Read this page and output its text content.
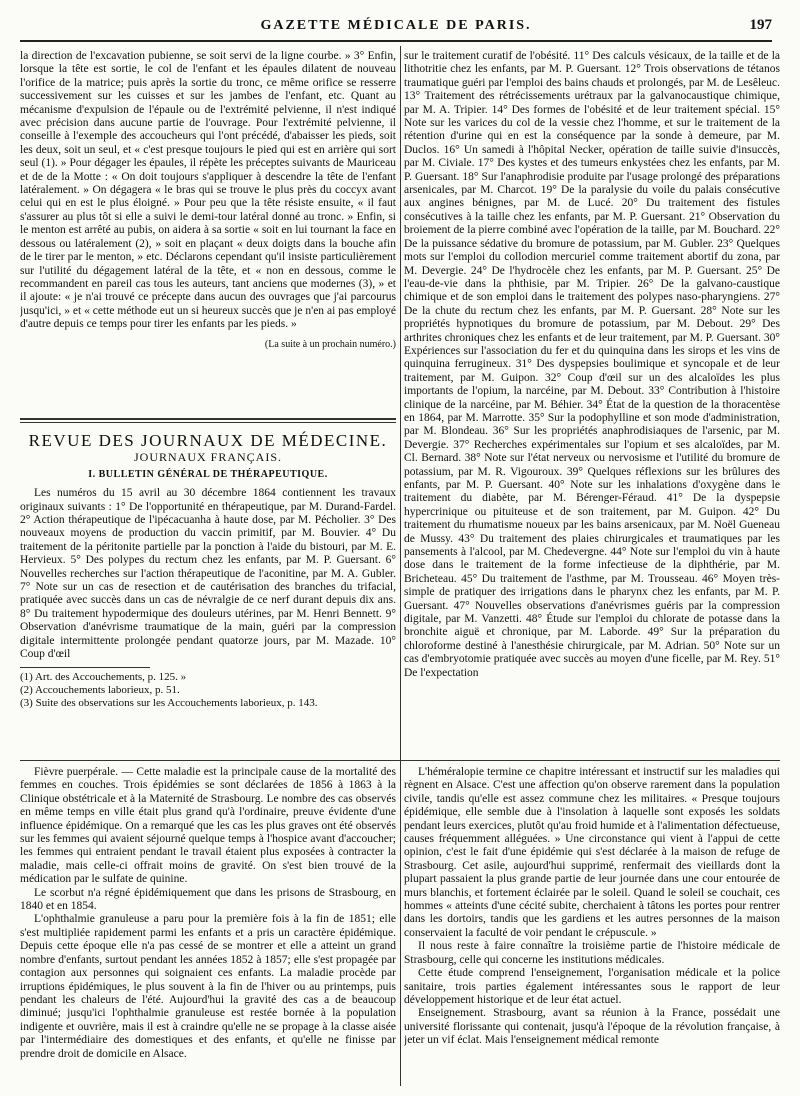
GAZETTE MÉDICALE DE PARIS.	197

la direction de l'excavation pubienne, se soit servi de la ligne courbe. » 3° Enfin, lorsque la tête est sortie, le col de l'enfant et les épaules dilatent de nouveau l'orifice de la matrice; puis après la sortie du tronc, ce même orifice se resserre successivement sur les cuisses et sur les jambes de l'enfant, etc. Quant au mécanisme d'expulsion de l'épaule ou de l'extrémité pelvienne, il n'est indiqué avec précision dans aucune partie de l'ouvrage. Pour l'extrémité pelvienne, il conseille à l'exemple des accoucheurs qui l'ont précédé, d'abaisser les pieds, soit les deux, soit un seul, et « c'est presque toujours le pied qui est en arrière qui sort seul (1). » Pour dégager les épaules, il répète les préceptes suivants de Mauriceau et de de la Motte : « On doit toujours s'appliquer à descendre la tête de l'enfant latéralement. » On dégagera « le bras qui se trouve le plus près du coccyx avant celui qui en est le plus éloigné. » Pour peu que la tête résiste ensuite, « il faut s'assurer au plus tôt si elle a suivi le demi-tour latéral donné au tronc. » Enfin, si le menton est arrêté au pubis, on aidera à sa sortie « soit en lui tournant la face en dessous ou latéralement (2), » soit en plaçant « deux doigts dans la bouche afin de le tirer par le menton, » etc. Déclarons cependant qu'il insiste particulièrement sur l'utilité du dégagement latéral de la tête, et « non en dessous, comme le recommandent en pareil cas tous les auteurs, tant anciens que modernes (3), » et il ajoute: « je n'ai trouvé ce précepte dans aucun des ouvrages que j'ai parcourus jusqu'ici, » et « cette méthode eut un si heureux succès que je n'en ai pas employé d'autre depuis ce temps pour tirer les enfants par les pieds. »

(La suite à un prochain numéro.)
REVUE DES JOURNAUX DE MÉDECINE.
JOURNAUX FRANÇAIS.
I. BULLETIN GÉNÉRAL DE THÉRAPEUTIQUE.

Les numéros du 15 avril au 30 décembre 1864 contiennent les travaux originaux suivants : 1° De l'opportunité en thérapeutique, par M. Durand-Fardel. 2° Action thérapeutique de l'ipécacuanha à haute dose, par M. Pécholier. 3° Des nouveaux moyens de production du vaccin primitif, par M. Bouvier. 4° Du traitement de la péritonite partielle par la ponction à l'aide du bistouri, par M. E. Hervieux. 5° Des polypes du rectum chez les enfants, par M. P. Guersant. 6° Nouvelles recherches sur l'action thérapeutique de l'aconitine, par M. A. Gubler. 7° Note sur un cas de resection et de cautérisation des branches du trifacial, pratiquée avec succès dans un cas de névralgie de ce nerf durant depuis dix ans. 8° Du traitement hypodermique des douleurs utérines, par M. Henri Bennett. 9° Observation d'anévrisme traumatique de la main, guéri par la compression digitale intermittente prolongée pendant quatorze jours, par M. Mazade. 10° Coup d'œil

(1) Art. des Accouchements, p. 125. »
(2) Accouchements laborieux, p. 51.
(3) Suite des observations sur les Accouchements laborieux, p. 143.

sur le traitement curatif de l'obésité. 11° Des calculs vésicaux, de la taille et de la lithotritie chez les enfants, par M. P. Guersant. 12° Trois observations de tétanos traumatique guéri par l'emploi des bains chauds et prolongés, par M. de Lesêleuc. 13° Traitement des rétrécissements urétraux par la galvanocaustique chimique, par M. A. Tripier. 14° Des formes de l'obésité et de leur traitement spécial. 15° Note sur les varices du col de la vessie chez l'homme, et sur le traitement de la rétention d'urine qui en est la conséquence par la sonde à demeure, par M. Duclos. 16° Un samedi à l'hôpital Necker, opération de taille suivie d'insuccès, par M. Civiale. 17° Des kystes et des tumeurs enkystées chez les enfants, par M. P. Guersant. 18° Sur l'anaphrodisie produite par l'usage prolongé des préparations arsenicales, par M. Charcot. 19° De la paralysie du voile du palais consécutive aux angines bénignes, par M. de Lucé. 20° Du traitement des fistules consécutives à la taille chez les enfants, par M. P. Guersant. 21° Observation du broiement de la pierre combiné avec l'opération de la taille, par M. Bouchard. 22° De la puissance sédative du bromure de potassium, par M. Gubler. 23° Quelques mots sur l'emploi du collodion mercuriel comme traitement abortif du zona, par M. Devergie. 24° De l'hydrocèle chez les enfants, par M. P. Guersant. 25° De l'eau-de-vie dans la phthisie, par M. Tripier. 26° De la galvano-caustique chimique et de son emploi dans le traitement des polypes naso-pharyngiens. 27° De la chute du rectum chez les enfants, par M. P. Guersant. 28° Note sur les propriétés hypnotiques du bromure de potassium, par M. Debout. 29° Des arthrites chroniques chez les enfants et de leur traitement, par M. P. Guersant. 30° Expériences sur l'association du fer et du quinquina dans les sirops et les vins de quinquina ferrugineux. 31° Des dyspepsies boulimique et syncopale et de leur traitement, par M. Guipon. 32° Coup d'œil sur un des alcaloïdes les plus importants de l'opium, la narcéine, par M. Debout. 33° Contribution à l'histoire clinique de la narcéine, par M. Béhier. 34° État de la question de la thoracentèse en 1864, par M. Marrotte. 35° Sur la podophylline et son mode d'administration, par M. Blondeau. 36° Sur les propriétés anaphrodisiaques de l'arsenic, par M. Devergie. 37° Recherches expérimentales sur l'opium et ses alcaloïdes, par M. Cl. Bernard. 38° Note sur l'état nerveux ou nervosisme et l'utilité du bromure de potassium, par M. R. Vigouroux. 39° Quelques réflexions sur les brûlures des enfants, par M. P. Guersant. 40° Note sur les inhalations d'oxygène dans le traitement du diabète, par M. Bérenger-Féraud. 41° De la dyspepsie hypercrinique ou pituiteuse et de son traitement, par M. Guipon. 42° Du traitement du rhumatisme noueux par les bains arsenicaux, par M. Noël Gueneau de Mussy. 43° Du traitement des plaies chirurgicales et traumatiques par les pansements à l'alcool, par M. Chedevergne. 44° Note sur l'emploi du vin à haute dose dans le traitement de la forme infectieuse de la diphthérie, par M. Bricheteau. 45° Du traitement de l'asthme, par M. Trousseau. 46° Moyen très-simple de pratiquer des irrigations dans le pharynx chez les enfants, par M. P. Guersant. 47° Nouvelles observations d'anévrismes guéris par la compression digitale, par M. Vanzetti. 48° Étude sur l'emploi du chlorate de potasse dans la bronchite aiguë et chronique, par M. Laborde. 49° Sur la préparation du chloroforme destiné à l'anesthésie chirurgicale, par M. Adrian. 50° Note sur un cas d'embryotomie pratiquée avec succès au moyen d'une ficelle, par M. Rey. 51° De l'expectation

Fièvre puerpérale. — Cette maladie est la principale cause de la mortalité des femmes en couches. Trois épidémies se sont déclarées de 1856 à 1863 à la Clinique obstétricale et à la Maternité de Strasbourg. Le nombre des cas observés en même temps en ville était plus grand qu'à l'ordinaire, preuve évidente d'une influence épidémique. On a remarqué que les cas les plus graves ont été observés sur les femmes qui avaient séjourné quelque temps à l'hospice avant d'accoucher; les femmes qui entraient pendant le travail étaient plus exposées à contracter la maladie, mais celle-ci offrait moins de gravité. On s'est bien trouvé de la médication par le sulfate de quinine.

Le scorbut n'a régné épidémiquement que dans les prisons de Strasbourg, en 1840 et en 1854.

L'ophthalmie granuleuse a paru pour la première fois à la fin de 1851; elle s'est multipliée rapidement parmi les enfants et a pris un caractère épidémique. Depuis cette époque elle n'a pas cessé de se montrer et elle a atteint un grand nombre d'enfants, surtout pendant les années 1852 à 1857; elle s'est propagée par contagion aux personnes qui soignaient ces enfants. La maladie procède par irruptions épidémiques, le plus souvent à la fin de l'hiver ou au printemps, puis pendant les chaleurs de l'été. Aujourd'hui la gravité des cas a de beaucoup diminué; jusqu'ici l'ophthalmie granuleuse est restée bornée à la population indigente et ouvrière, mais il est à craindre qu'elle ne se propage à la classe aisée par l'intermédiaire des domestiques et des enfants, et qu'elle ne finisse par prendre droit de domicile en Alsace.

L'héméralopie termine ce chapitre intéressant et instructif sur les maladies qui règnent en Alsace. C'est une affection qu'on observe rarement dans la population civile, tandis qu'elle est assez commune chez les militaires. « Presque toujours épidémique, elle semble due à l'insolation à laquelle sont exposés les soldats pendant leurs exercices, plutôt qu'au froid humide et à l'alimentation défectueuse, causes fréquemment alléguées. » Une circonstance qui vient à l'appui de cette opinion, c'est le fait d'une épidémie qui s'est déclarée à la maison de refuge de Strasbourg. Cet asile, aujourd'hui supprimé, renfermait des vieillards dont la plupart passaient la plus grande partie de leur journée dans une cour entourée de murs blanchis, et fortement éclairée par le soleil. Quand le soleil se couchait, ces hommes « atteints d'une cécité subite, cherchaient à tâtons les portes pour rentrer dans les dortoirs, tandis que les gardiens et les autres personnes de la maison conservaient la faculté de voir pendant le crépuscule. »

Il nous reste à faire connaître la troisième partie de l'histoire médicale de Strasbourg, celle qui concerne les institutions médicales.

Cette étude comprend l'enseignement, l'organisation médicale et la police sanitaire, trois parties également intéressantes sous le rapport de leur développement historique et de leur état actuel.

Enseignement. Strasbourg, avant sa réunion à la France, possédait une université florissante qui contenait, jusqu'à l'époque de la révolution française, à jeter un vif éclat. Mais l'enseignement médical remonte
